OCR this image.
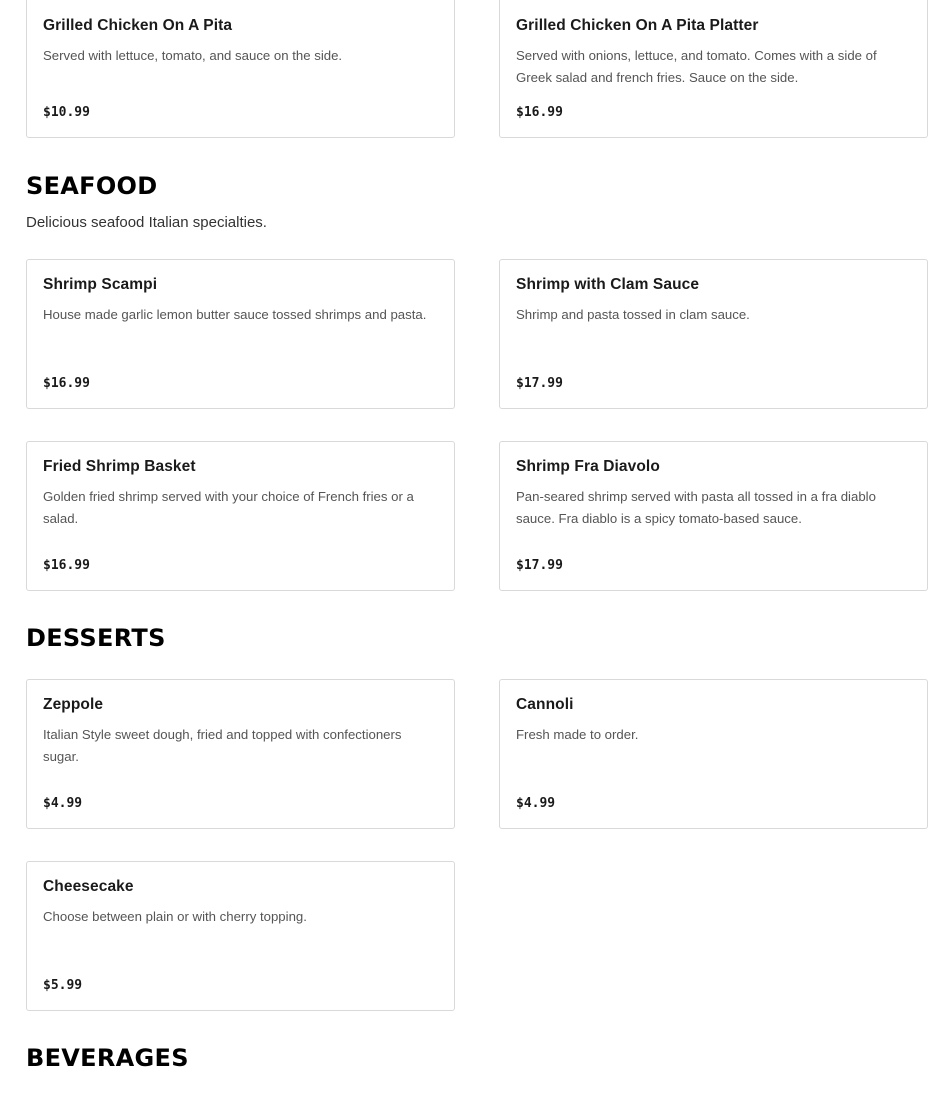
Grilled Chicken On A Pita
Served with lettuce, tomato, and sauce on the side.
$10.99
Grilled Chicken On A Pita Platter
Served with onions, lettuce, and tomato. Comes with a side of Greek salad and french fries. Sauce on the side.
$16.99
SEAFOOD

Delicious seafood Italian specialties.

Shrimp Scampi
House made garlic lemon butter sauce tossed shrimps and pasta.
$16.99
Shrimp with Clam Sauce
Shrimp and pasta tossed in clam sauce.
$17.99
Fried Shrimp Basket
Golden fried shrimp served with your choice of French fries or a salad.
$16.99
Shrimp Fra Diavolo
Pan-seared shrimp served with pasta all tossed in a fra diablo sauce. Fra diablo is a spicy tomato-based sauce.
$17.99
DESSERTS
Zeppole
Italian Style sweet dough, fried and topped with confectioners sugar.
$4.99
Cannoli
Fresh made to order.
$4.99
Cheesecake
Choose between plain or with cherry topping.
$5.99
BEVERAGES
